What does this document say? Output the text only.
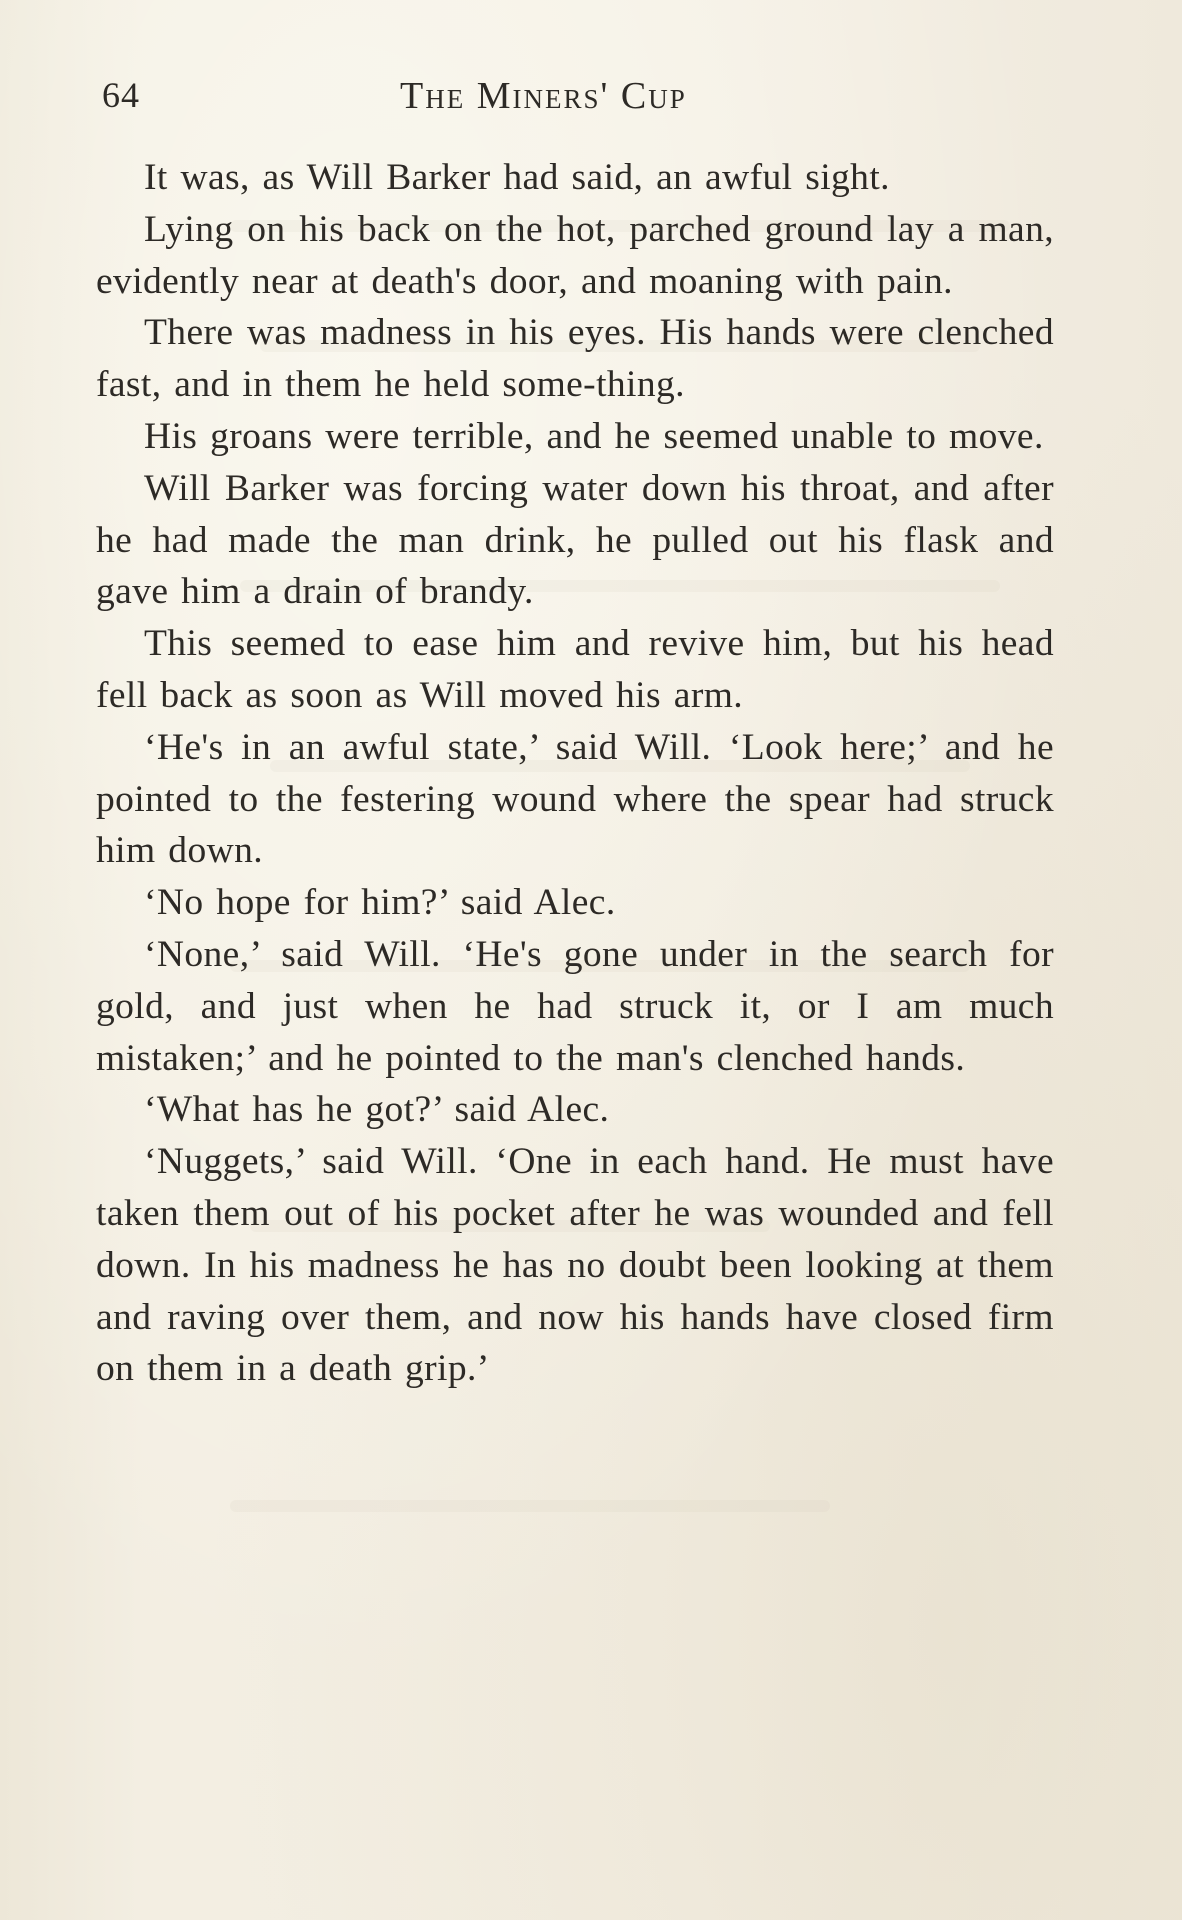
64	The Miners' Cup

It was, as Will Barker had said, an awful sight.

Lying on his back on the hot, parched ground lay a man, evidently near at death's door, and moaning with pain.

There was madness in his eyes. His hands were clenched fast, and in them he held some-thing.

His groans were terrible, and he seemed unable to move.

Will Barker was forcing water down his throat, and after he had made the man drink, he pulled out his flask and gave him a drain of brandy.

This seemed to ease him and revive him, but his head fell back as soon as Will moved his arm.

‘He's in an awful state,’ said Will. ‘Look here;’ and he pointed to the festering wound where the spear had struck him down.

‘No hope for him?’ said Alec.

‘None,’ said Will. ‘He's gone under in the search for gold, and just when he had struck it, or I am much mistaken;’ and he pointed to the man's clenched hands.

‘What has he got?’ said Alec.

‘Nuggets,’ said Will. ‘One in each hand. He must have taken them out of his pocket after he was wounded and fell down. In his madness he has no doubt been looking at them and raving over them, and now his hands have closed firm on them in a death grip.’
